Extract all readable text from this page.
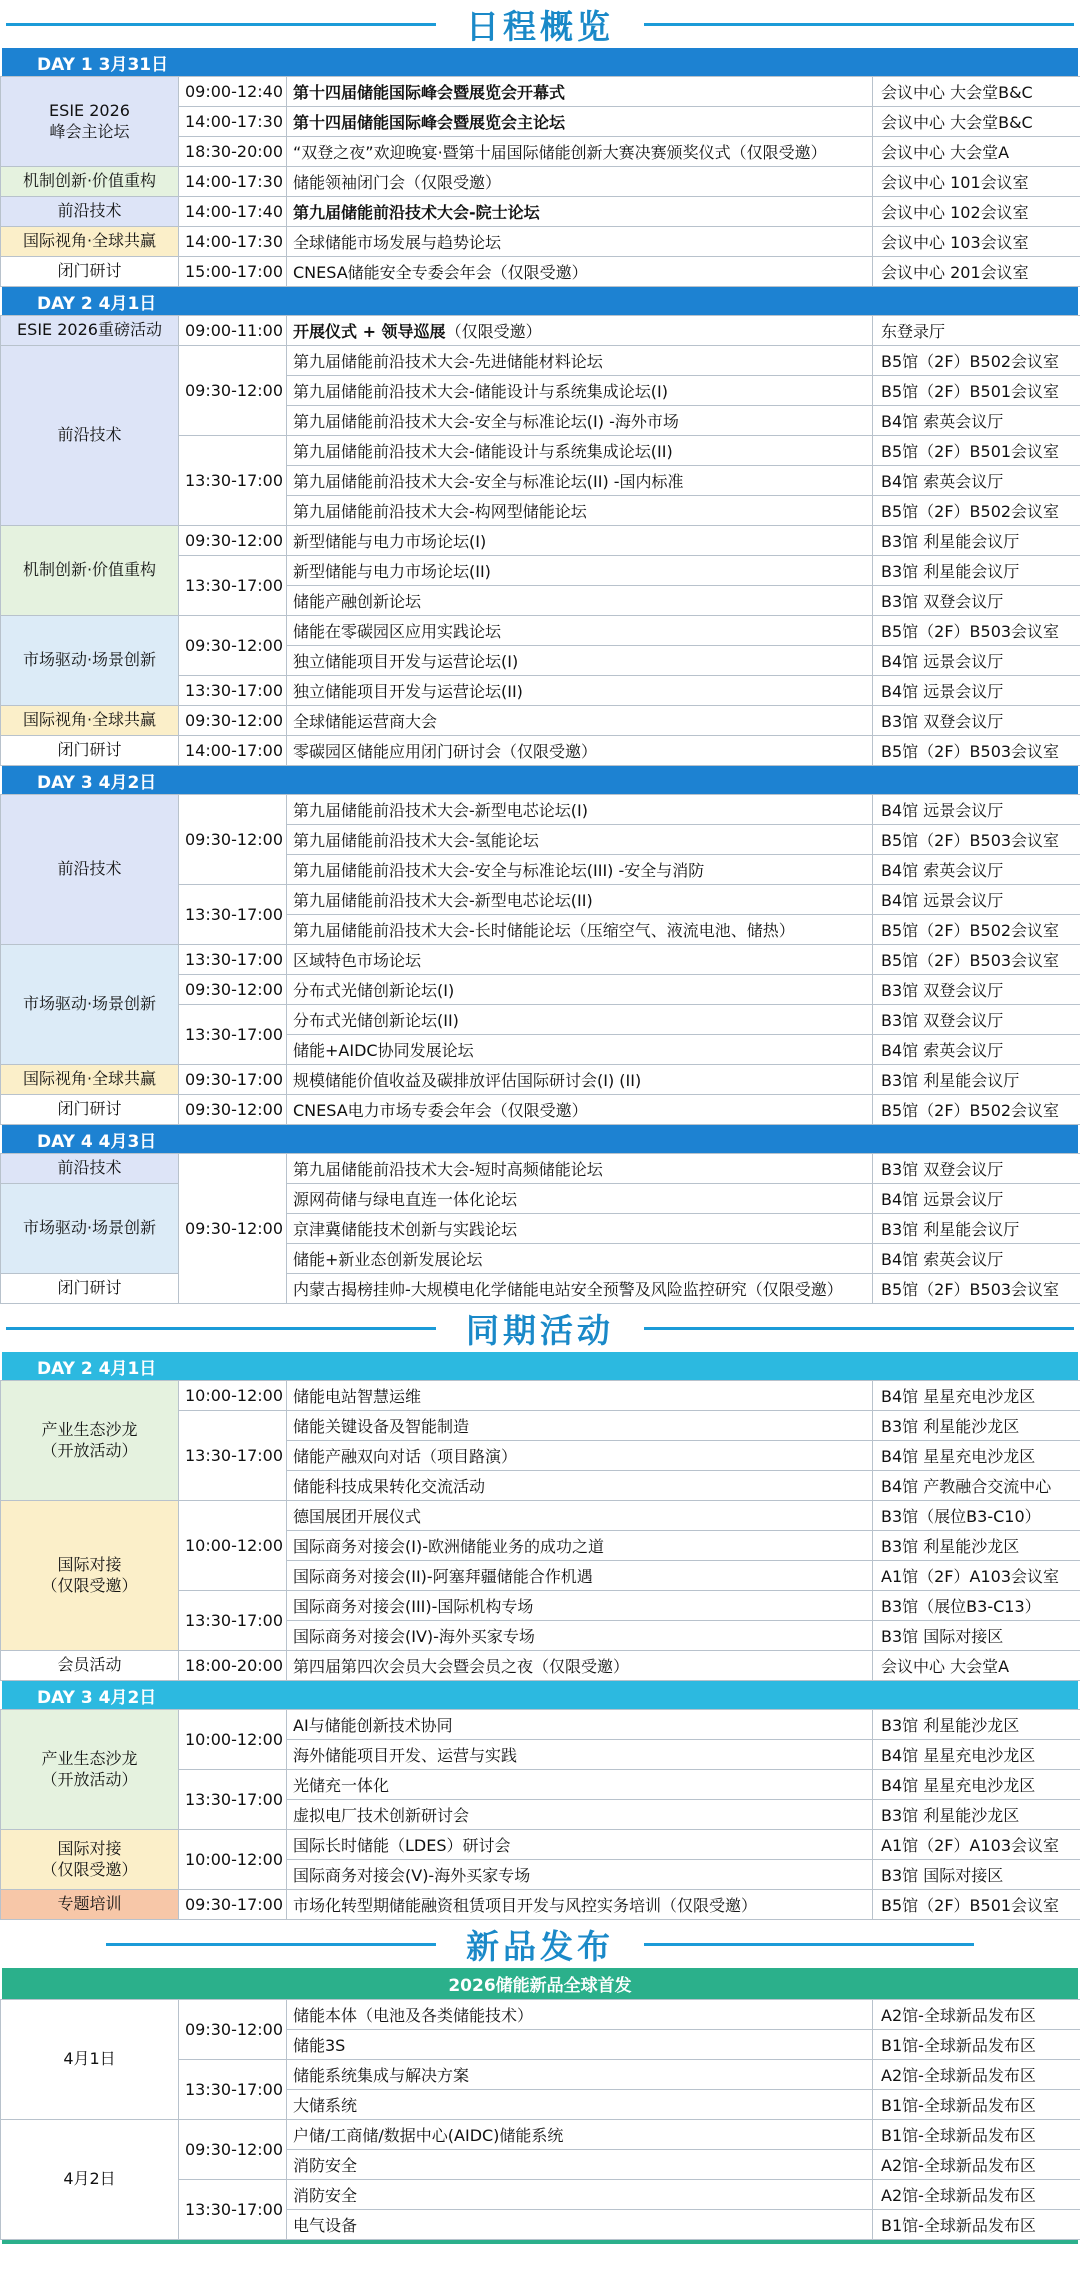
日程概览
DAY 1 3月31日
ESIE 2026
峰会主论坛	09:00-12:40	第十四届储能国际峰会暨展览会开幕式	会议中心 大会堂B&C
	14:00-17:30	第十四届储能国际峰会暨展览会主论坛	会议中心 大会堂B&C
	18:30-20:00	“双登之夜”欢迎晚宴·暨第十届国际储能创新大赛决赛颁奖仪式（仅限受邀）	会议中心 大会堂A
机制创新·价值重构	14:00-17:30	储能领袖闭门会（仅限受邀）	会议中心 101会议室
前沿技术	14:00-17:40	第九届储能前沿技术大会-院士论坛	会议中心 102会议室
国际视角·全球共赢	14:00-17:30	全球储能市场发展与趋势论坛	会议中心 103会议室
闭门研讨	15:00-17:00	CNESA储能安全专委会年会（仅限受邀）	会议中心 201会议室
DAY 2 4月1日
ESIE 2026重磅活动	09:00-11:00	开展仪式 + 领导巡展（仅限受邀）	东登录厅
前沿技术	09:30-12:00	第九届储能前沿技术大会-先进储能材料论坛	B5馆（2F）B502会议室
		第九届储能前沿技术大会-储能设计与系统集成论坛(I)	B5馆（2F）B501会议室
		第九届储能前沿技术大会-安全与标准论坛(I) -海外市场	B4馆 索英会议厅
	13:30-17:00	第九届储能前沿技术大会-储能设计与系统集成论坛(II)	B5馆（2F）B501会议室
		第九届储能前沿技术大会-安全与标准论坛(II) -国内标准	B4馆 索英会议厅
		第九届储能前沿技术大会-构网型储能论坛	B5馆（2F）B502会议室
机制创新·价值重构	09:30-12:00	新型储能与电力市场论坛(I)	B3馆 利星能会议厅
	13:30-17:00	新型储能与电力市场论坛(II)	B3馆 利星能会议厅
		储能产融创新论坛	B3馆 双登会议厅
市场驱动·场景创新	09:30-12:00	储能在零碳园区应用实践论坛	B5馆（2F）B503会议室
		独立储能项目开发与运营论坛(I)	B4馆 远景会议厅
	13:30-17:00	独立储能项目开发与运营论坛(II)	B4馆 远景会议厅
国际视角·全球共赢	09:30-12:00	全球储能运营商大会	B3馆 双登会议厅
闭门研讨	14:00-17:00	零碳园区储能应用闭门研讨会（仅限受邀）	B5馆（2F）B503会议室
DAY 3 4月2日
前沿技术	09:30-12:00	第九届储能前沿技术大会-新型电芯论坛(I)	B4馆 远景会议厅
		第九届储能前沿技术大会-氢能论坛	B5馆（2F）B503会议室
		第九届储能前沿技术大会-安全与标准论坛(III) -安全与消防	B4馆 索英会议厅
	13:30-17:00	第九届储能前沿技术大会-新型电芯论坛(II)	B4馆 远景会议厅
		第九届储能前沿技术大会-长时储能论坛（压缩空气、液流电池、储热）	B5馆（2F）B502会议室
市场驱动·场景创新	13:30-17:00	区域特色市场论坛	B5馆（2F）B503会议室
	09:30-12:00	分布式光储创新论坛(I)	B3馆 双登会议厅
	13:30-17:00	分布式光储创新论坛(II)	B3馆 双登会议厅
		储能+AIDC协同发展论坛	B4馆 索英会议厅
国际视角·全球共赢	09:30-17:00	规模储能价值收益及碳排放评估国际研讨会(I) (II)	B3馆 利星能会议厅
闭门研讨	09:30-12:00	CNESA电力市场专委会年会（仅限受邀）	B5馆（2F）B502会议室
DAY 4 4月3日
前沿技术	09:30-12:00	第九届储能前沿技术大会-短时高频储能论坛	B3馆 双登会议厅
市场驱动·场景创新		源网荷储与绿电直连一体化论坛	B4馆 远景会议厅
		京津冀储能技术创新与实践论坛	B3馆 利星能会议厅
		储能+新业态创新发展论坛	B4馆 索英会议厅
闭门研讨		内蒙古揭榜挂帅-大规模电化学储能电站安全预警及风险监控研究（仅限受邀）	B5馆（2F）B503会议室
同期活动
DAY 2 4月1日
产业生态沙龙
（开放活动）	10:00-12:00	储能电站智慧运维	B4馆 星星充电沙龙区
	13:30-17:00	储能关键设备及智能制造	B3馆 利星能沙龙区
		储能产融双向对话（项目路演）	B4馆 星星充电沙龙区
		储能科技成果转化交流活动	B4馆 产教融合交流中心
国际对接
（仅限受邀）	10:00-12:00	德国展团开展仪式	B3馆（展位B3-C10）
		国际商务对接会(I)-欧洲储能业务的成功之道	B3馆 利星能沙龙区
		国际商务对接会(II)-阿塞拜疆储能合作机遇	A1馆（2F）A103会议室
	13:30-17:00	国际商务对接会(III)-国际机构专场	B3馆（展位B3-C13）
		国际商务对接会(IV)-海外买家专场	B3馆 国际对接区
会员活动	18:00-20:00	第四届第四次会员大会暨会员之夜（仅限受邀）	会议中心 大会堂A
DAY 3 4月2日
产业生态沙龙
（开放活动）	10:00-12:00	AI与储能创新技术协同	B3馆 利星能沙龙区
		海外储能项目开发、运营与实践	B4馆 星星充电沙龙区
	13:30-17:00	光储充一体化	B4馆 星星充电沙龙区
		虚拟电厂技术创新研讨会	B3馆 利星能沙龙区
国际对接
（仅限受邀）	10:00-12:00	国际长时储能（LDES）研讨会	A1馆（2F）A103会议室
		国际商务对接会(V)-海外买家专场	B3馆 国际对接区
专题培训	09:30-17:00	市场化转型期储能融资租赁项目开发与风控实务培训（仅限受邀）	B5馆（2F）B501会议室
新品发布
2026储能新品全球首发
4月1日	09:30-12:00	储能本体（电池及各类储能技术）	A2馆-全球新品发布区
		储能3S	B1馆-全球新品发布区
	13:30-17:00	储能系统集成与解决方案	A2馆-全球新品发布区
		大储系统	B1馆-全球新品发布区
4月2日	09:30-12:00	户储/工商储/数据中心(AIDC)储能系统	B1馆-全球新品发布区
		消防安全	A2馆-全球新品发布区
	13:30-17:00	消防安全	A2馆-全球新品发布区
		电气设备	B1馆-全球新品发布区
